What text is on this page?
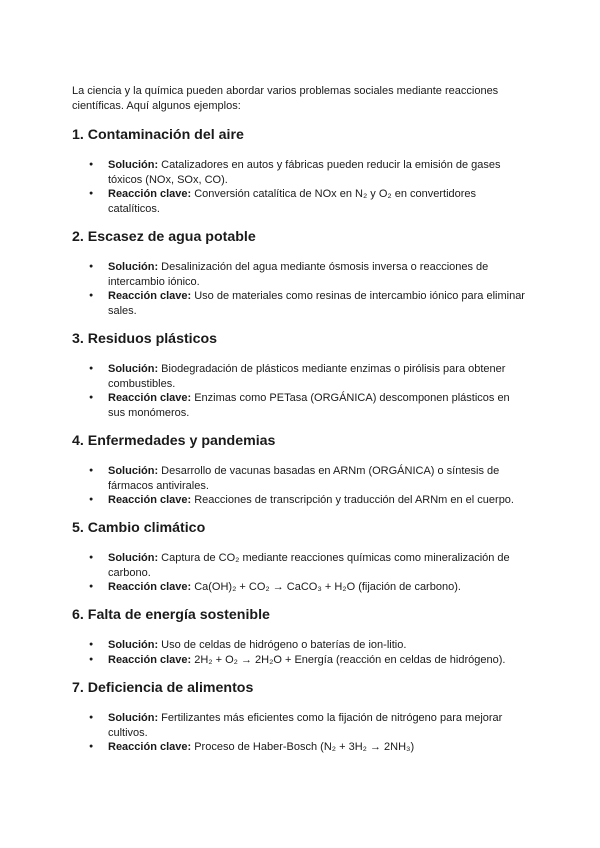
La ciencia y la química pueden abordar varios problemas sociales mediante reacciones científicas. Aquí algunos ejemplos:

1. Contaminación del aire
● Solución: Catalizadores en autos y fábricas pueden reducir la emisión de gases tóxicos (NOx, SOx, CO).
● Reacción clave: Conversión catalítica de NOx en N₂ y O₂ en convertidores catalíticos.
2. Escasez de agua potable
● Solución: Desalinización del agua mediante ósmosis inversa o reacciones de intercambio iónico.
● Reacción clave: Uso de materiales como resinas de intercambio iónico para eliminar sales.
3. Residuos plásticos
● Solución: Biodegradación de plásticos mediante enzimas o pirólisis para obtener combustibles.
● Reacción clave: Enzimas como PETasa (ORGÁNICA) descomponen plásticos en sus monómeros.
4. Enfermedades y pandemias
● Solución: Desarrollo de vacunas basadas en ARNm (ORGÁNICA) o síntesis de fármacos antivirales.
● Reacción clave: Reacciones de transcripción y traducción del ARNm en el cuerpo.
5. Cambio climático
● Solución: Captura de CO₂ mediante reacciones químicas como mineralización de carbono.
● Reacción clave: Ca(OH)₂ + CO₂ → CaCO₃ + H₂O (fijación de carbono).
6. Falta de energía sostenible
● Solución: Uso de celdas de hidrógeno o baterías de ion-litio.
● Reacción clave: 2H₂ + O₂ → 2H₂O + Energía (reacción en celdas de hidrógeno).
7. Deficiencia de alimentos
● Solución: Fertilizantes más eficientes como la fijación de nitrógeno para mejorar cultivos.
● Reacción clave: Proceso de Haber-Bosch (N₂ + 3H₂ → 2NH₃)
